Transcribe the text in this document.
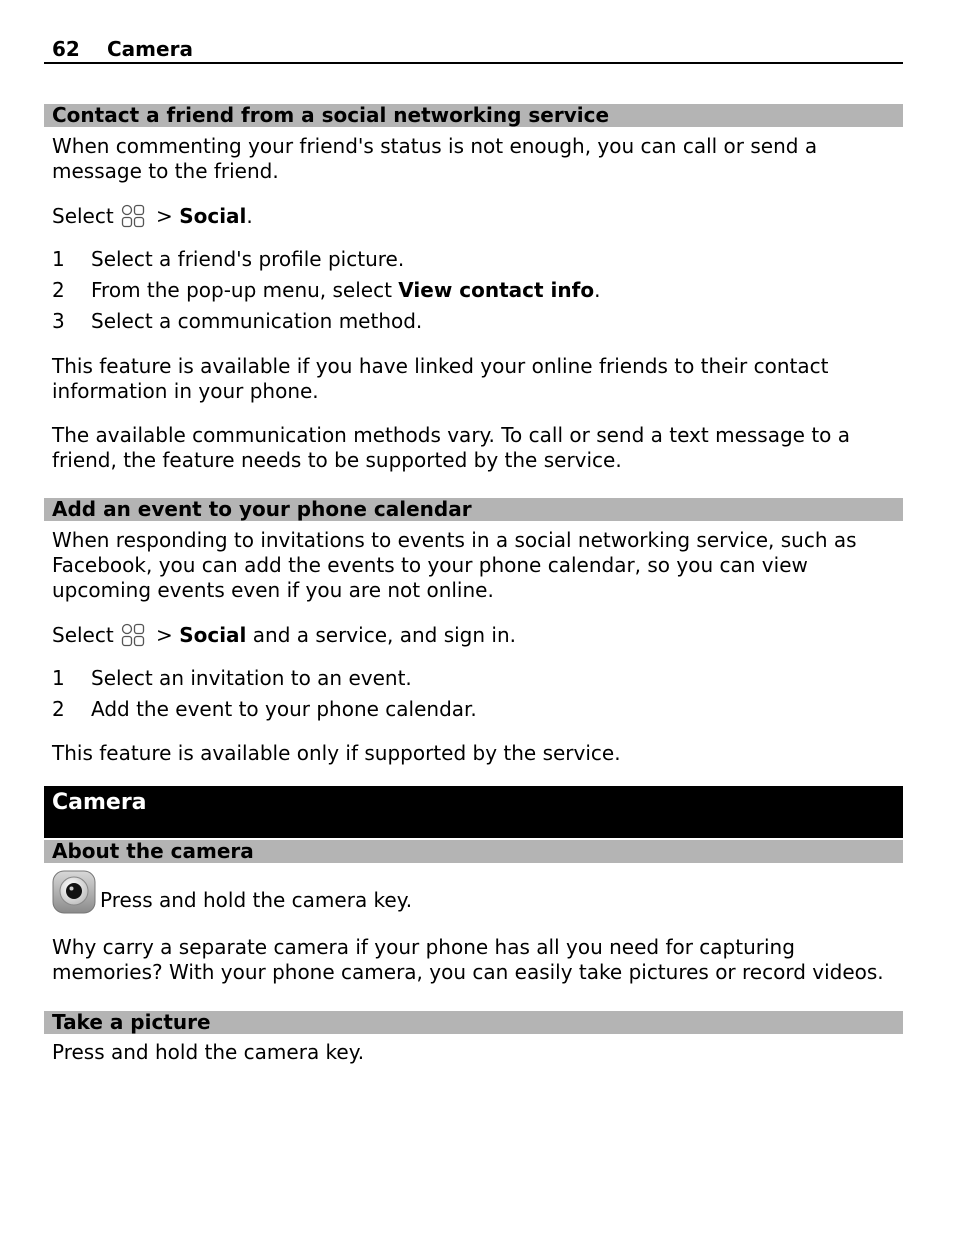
62 Camera
Contact a friend from a social networking service

When commenting your friend's status is not enough, you can call or send a message to the friend.

Select > Social.
1 Select a friend's profile picture.
2 From the pop-up menu, select View contact info.
3 Select a communication method.

This feature is available if you have linked your online friends to their contact information in your phone.

The available communication methods vary. To call or send a text message to a friend, the feature needs to be supported by the service.

Add an event to your phone calendar

When responding to invitations to events in a social networking service, such as Facebook, you can add the events to your phone calendar, so you can view upcoming events even if you are not online.

Select > Social and a service, and sign in.
1 Select an invitation to an event.
2 Add the event to your phone calendar.

This feature is available only if supported by the service.

Camera
About the camera

Press and hold the camera key.

Why carry a separate camera if your phone has all you need for capturing memories? With your phone camera, you can easily take pictures or record videos.

Take a picture

Press and hold the camera key.
